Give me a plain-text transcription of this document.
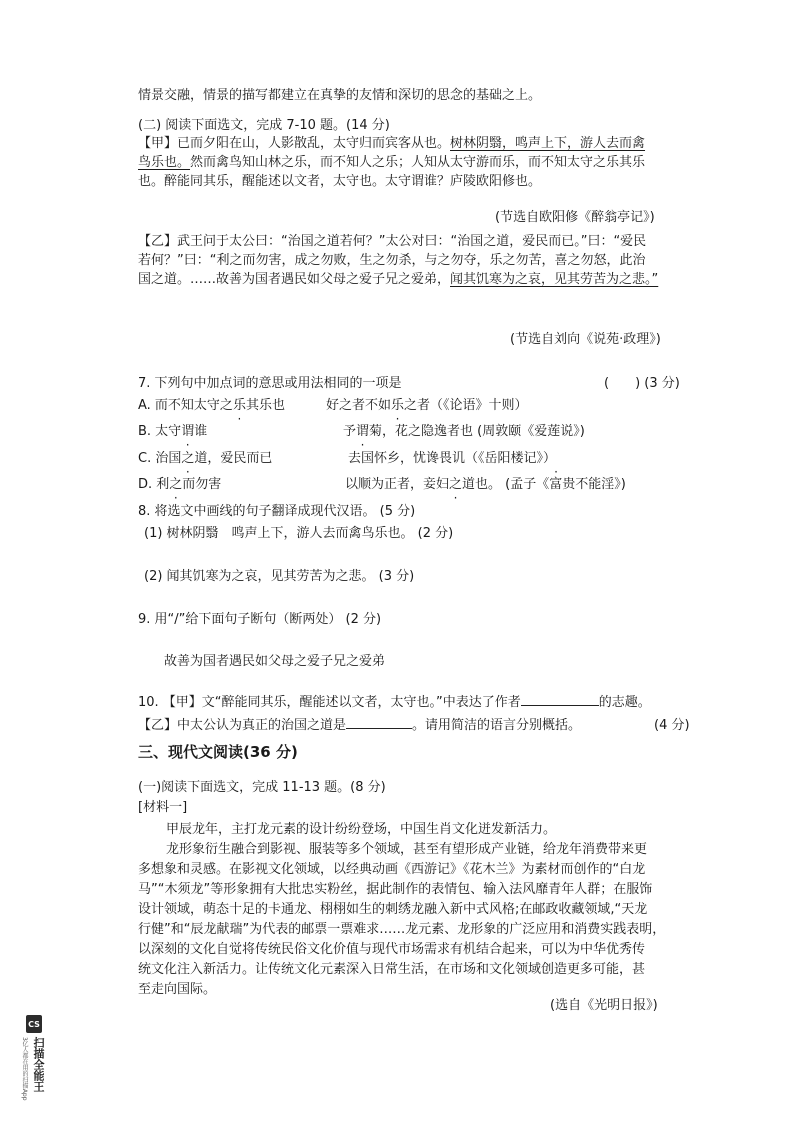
情景交融，情景的描写都建立在真挚的友情和深切的思念的基础之上。
(二) 阅读下面选文，完成 7-10 题。(14 分)
【甲】已而夕阳在山，人影散乱，太守归而宾客从也。树林阴翳，鸣声上下，游人去而禽
鸟乐也。然而禽鸟知山林之乐，而不知人之乐；人知从太守游而乐，而不知太守之乐其乐
也。醉能同其乐，醒能述以文者，太守也。太守谓谁？庐陵欧阳修也。
(节选自欧阳修《醉翁亭记》)
【乙】武王问于太公曰：“治国之道若何？”太公对曰：“治国之道，爱民而已。”曰：“爱民
若何？”曰：“利之而勿害，成之勿败，生之勿杀，与之勿夺，乐之勿苦，喜之勿怒，此治
国之道。……故善为国者遇民如父母之爱子兄之爱弟，闻其饥寒为之哀，见其劳苦为之悲。”
(节选自刘向《说苑·政理》)
7. 下列句中加点词的意思或用法相同的一项是	(　　) (3 分)
A. 而不知太守之乐其乐也	好之者不如乐之者（《论语》十则）
B. 太守谓谁	予谓菊，花之隐逸者也 (周敦颐《爱莲说》)
C. 治国之道，爱民而已	去国怀乡，忧谗畏讥（《岳阳楼记》）
D. 利之而勿害	以顺为正者，妾妇之道也。 (孟子《富贵不能淫》)
8. 将选文中画线的句子翻译成现代汉语。 (5 分)
(1) 树林阴翳　鸣声上下，游人去而禽鸟乐也。 (2 分)
(2) 闻其饥寒为之哀，见其劳苦为之悲。 (3 分)
9. 用“/”给下面句子断句（断两处） (2 分)
故善为国者遇民如父母之爱子兄之爱弟
10. 【甲】文“醉能同其乐，醒能述以文者，太守也。”中表达了作者	的志趣。
【乙】中太公认为真正的治国之道是	。请用简洁的语言分别概括。	(4 分)
三、现代文阅读(36 分)
(一)阅读下面选文，完成 11-13 题。(8 分)
[材料一]
甲辰龙年，主打龙元素的设计纷纷登场，中国生肖文化迸发新活力。
龙形象衍生融合到影视、服装等多个领域，甚至有望形成产业链，给龙年消费带来更
多想象和灵感。在影视文化领域，以经典动画《西游记》《花木兰》为素材而创作的“白龙
马”“木须龙”等形象拥有大批忠实粉丝，据此制作的表情包、输入法风靡青年人群；在服饰
设计领域，萌态十足的卡通龙、栩栩如生的刺绣龙融入新中式风格;在邮政收藏领域,“天龙
行健”和“辰龙献瑞”为代表的邮票一票难求……龙元素、龙形象的广泛应用和消费实践表明，
以深刻的文化自觉将传统民俗文化价值与现代市场需求有机结合起来，可以为中华优秀传
统文化注入新活力。让传统文化元素深入日常生活，在市场和文化领域创造更多可能，甚
至走向国际。
(选自《光明日报》)
CS
扫描全能王
3亿人都在用的扫描App
